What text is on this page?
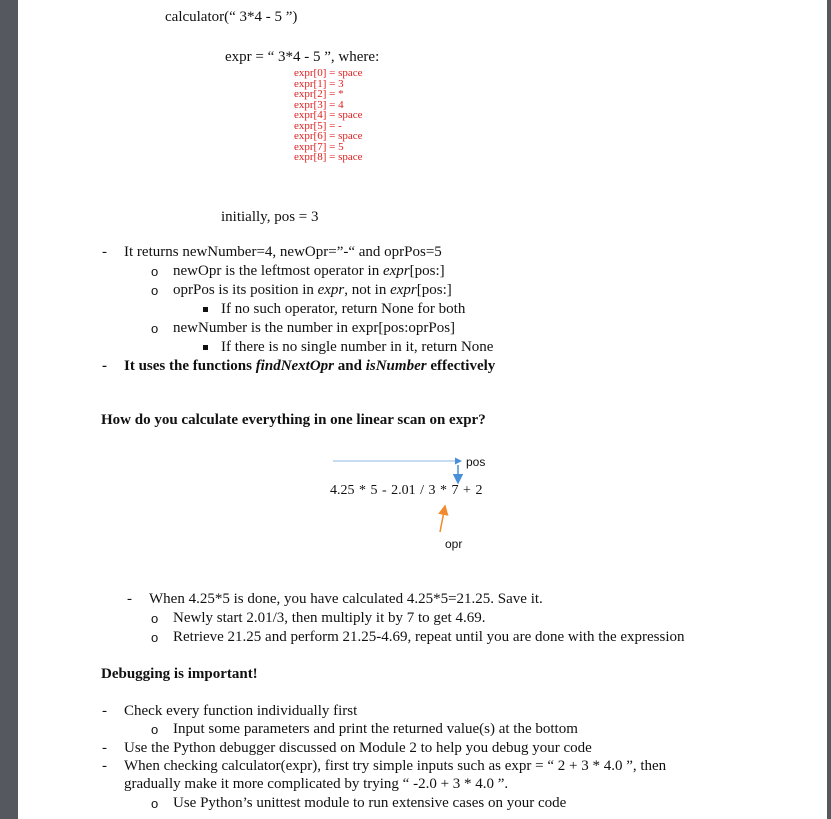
calculator(“ 3*4 - 5 ”)
expr = “ 3*4 - 5 ”, where:
expr[0] = space
expr[1] = 3
expr[2] = *
expr[3] = 4
expr[4] = space
expr[5] = -
expr[6] = space
expr[7] = 5
expr[8] = space
initially, pos = 3
- It returns newNumber=4, newOpr=”-“ and oprPos=5
o newOpr is the leftmost operator in expr[pos:]
o oprPos is its position in expr, not in expr[pos:]
If no such operator, return None for both
o newNumber is the number in expr[pos:oprPos]
If there is no single number in it, return None
- It uses the functions findNextOpr and isNumber effectively
How do you calculate everything in one linear scan on expr?
pos
4.25 * 5 - 2.01 / 3 * 7 + 2
opr
- When 4.25*5 is done, you have calculated 4.25*5=21.25. Save it.
o Newly start 2.01/3, then multiply it by 7 to get 4.69.
o Retrieve 21.25 and perform 21.25-4.69, repeat until you are done with the expression
Debugging is important!
- Check every function individually first
o Input some parameters and print the returned value(s) at the bottom
- Use the Python debugger discussed on Module 2 to help you debug your code
- When checking calculator(expr), first try simple inputs such as expr = “ 2 + 3 * 4.0 ”, then
gradually make it more complicated by trying “ -2.0 + 3 * 4.0 ”.
o Use Python’s unittest module to run extensive cases on your code
